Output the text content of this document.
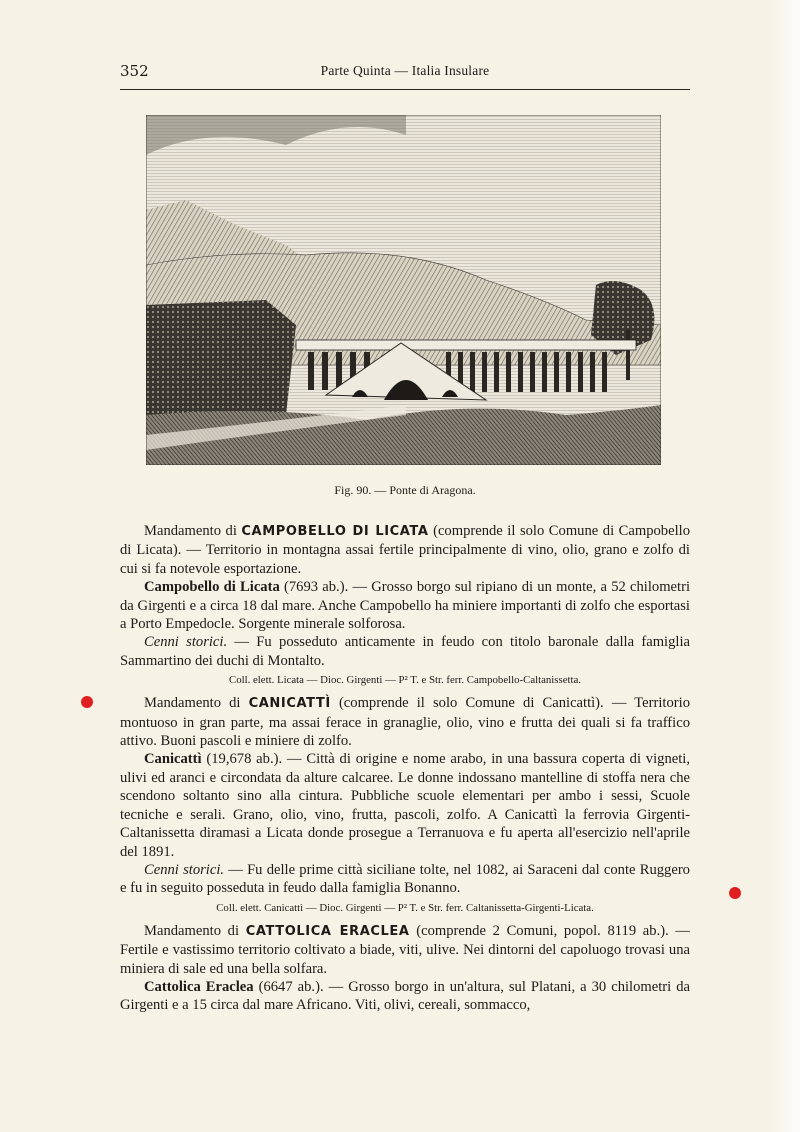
352	Parte Quinta — Italia Insulare
Fig. 90. — Ponte di Aragona.

Mandamento di CAMPOBELLO DI LICATA (comprende il solo Comune di Campobello di Licata). — Territorio in montagna assai fertile principalmente di vino, olio, grano e zolfo di cui si fa notevole esportazione.

Campobello di Licata (7693 ab.). — Grosso borgo sul ripiano di un monte, a 52 chilometri da Girgenti e a circa 18 dal mare. Anche Campobello ha miniere importanti di zolfo che esportasi a Porto Empedocle. Sorgente minerale solforosa.

Cenni storici. — Fu posseduto anticamente in feudo con titolo baronale dalla famiglia Sammartino dei duchi di Montalto.

Coll. elett. Licata — Dioc. Girgenti — P² T. e Str. ferr. Campobello-Caltanissetta.

Mandamento di CANICATTÌ (comprende il solo Comune di Canicattì). — Territorio montuoso in gran parte, ma assai ferace in granaglie, olio, vino e frutta dei quali si fa traffico attivo. Buoni pascoli e miniere di zolfo.

Canicattì (19,678 ab.). — Città di origine e nome arabo, in una bassura coperta di vigneti, ulivi ed aranci e circondata da alture calcaree. Le donne indossano mantelline di stoffa nera che scendono soltanto sino alla cintura. Pubbliche scuole elementari per ambo i sessi, Scuole tecniche e serali. Grano, olio, vino, frutta, pascoli, zolfo. A Canicattì la ferrovia Girgenti-Caltanissetta diramasi a Licata donde prosegue a Terranuova e fu aperta all'esercizio nell'aprile del 1891.

Cenni storici. — Fu delle prime città siciliane tolte, nel 1082, ai Saraceni dal conte Ruggero e fu in seguito posseduta in feudo dalla famiglia Bonanno.

Coll. elett. Canicattì — Dioc. Girgenti — P² T. e Str. ferr. Caltanissetta-Girgenti-Licata.

Mandamento di CATTOLICA ERACLEA (comprende 2 Comuni, popol. 8119 ab.). — Fertile e vastissimo territorio coltivato a biade, viti, ulive. Nei dintorni del capoluogo trovasi una miniera di sale ed una bella solfara.

Cattolica Eraclea (6647 ab.). — Grosso borgo in un'altura, sul Platani, a 30 chilometri da Girgenti e a 15 circa dal mare Africano. Viti, olivi, cereali, sommacco,
